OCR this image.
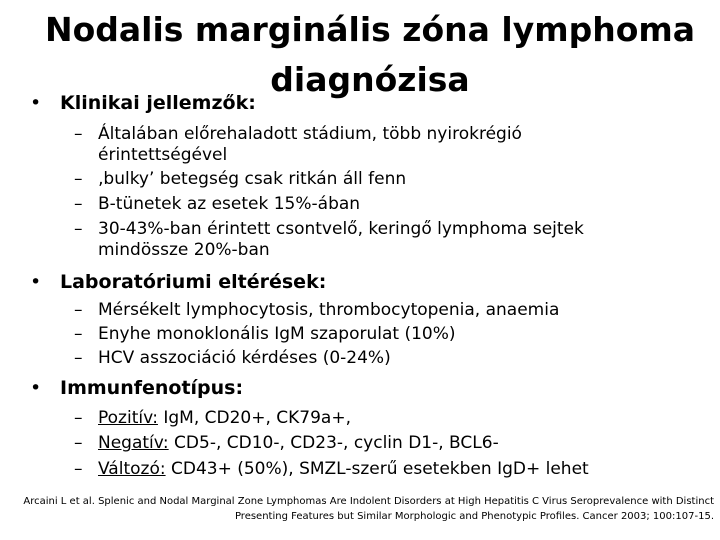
Nodalis marginális zóna lymphoma
diagnózisa
• Klinikai jellemzők:
– Általában előrehaladott stádium, több nyirokrégió
érintettségével
– ‚bulky’ betegség csak ritkán áll fenn
– B-tünetek az esetek 15%-ában
– 30-43%-ban érintett csontvelő, keringő lymphoma sejtek
mindössze 20%-ban
• Laboratóriumi eltérések:
– Mérsékelt lymphocytosis, thrombocytopenia, anaemia
– Enyhe monoklonális IgM szaporulat (10%)
– HCV asszociáció kérdéses (0-24%)
• Immunfenotípus:
– Pozitív: IgM, CD20+, CK79a+,
– Negatív: CD5-, CD10-, CD23-, cyclin D1-, BCL6-
– Változó: CD43+ (50%), SMZL-szerű esetekben IgD+ lehet
Arcaini L et al. Splenic and Nodal Marginal Zone Lymphomas Are Indolent Disorders at High Hepatitis C Virus Seroprevalence with Distinct
Presenting Features but Similar Morphologic and Phenotypic Profiles. Cancer 2003; 100:107-15.
